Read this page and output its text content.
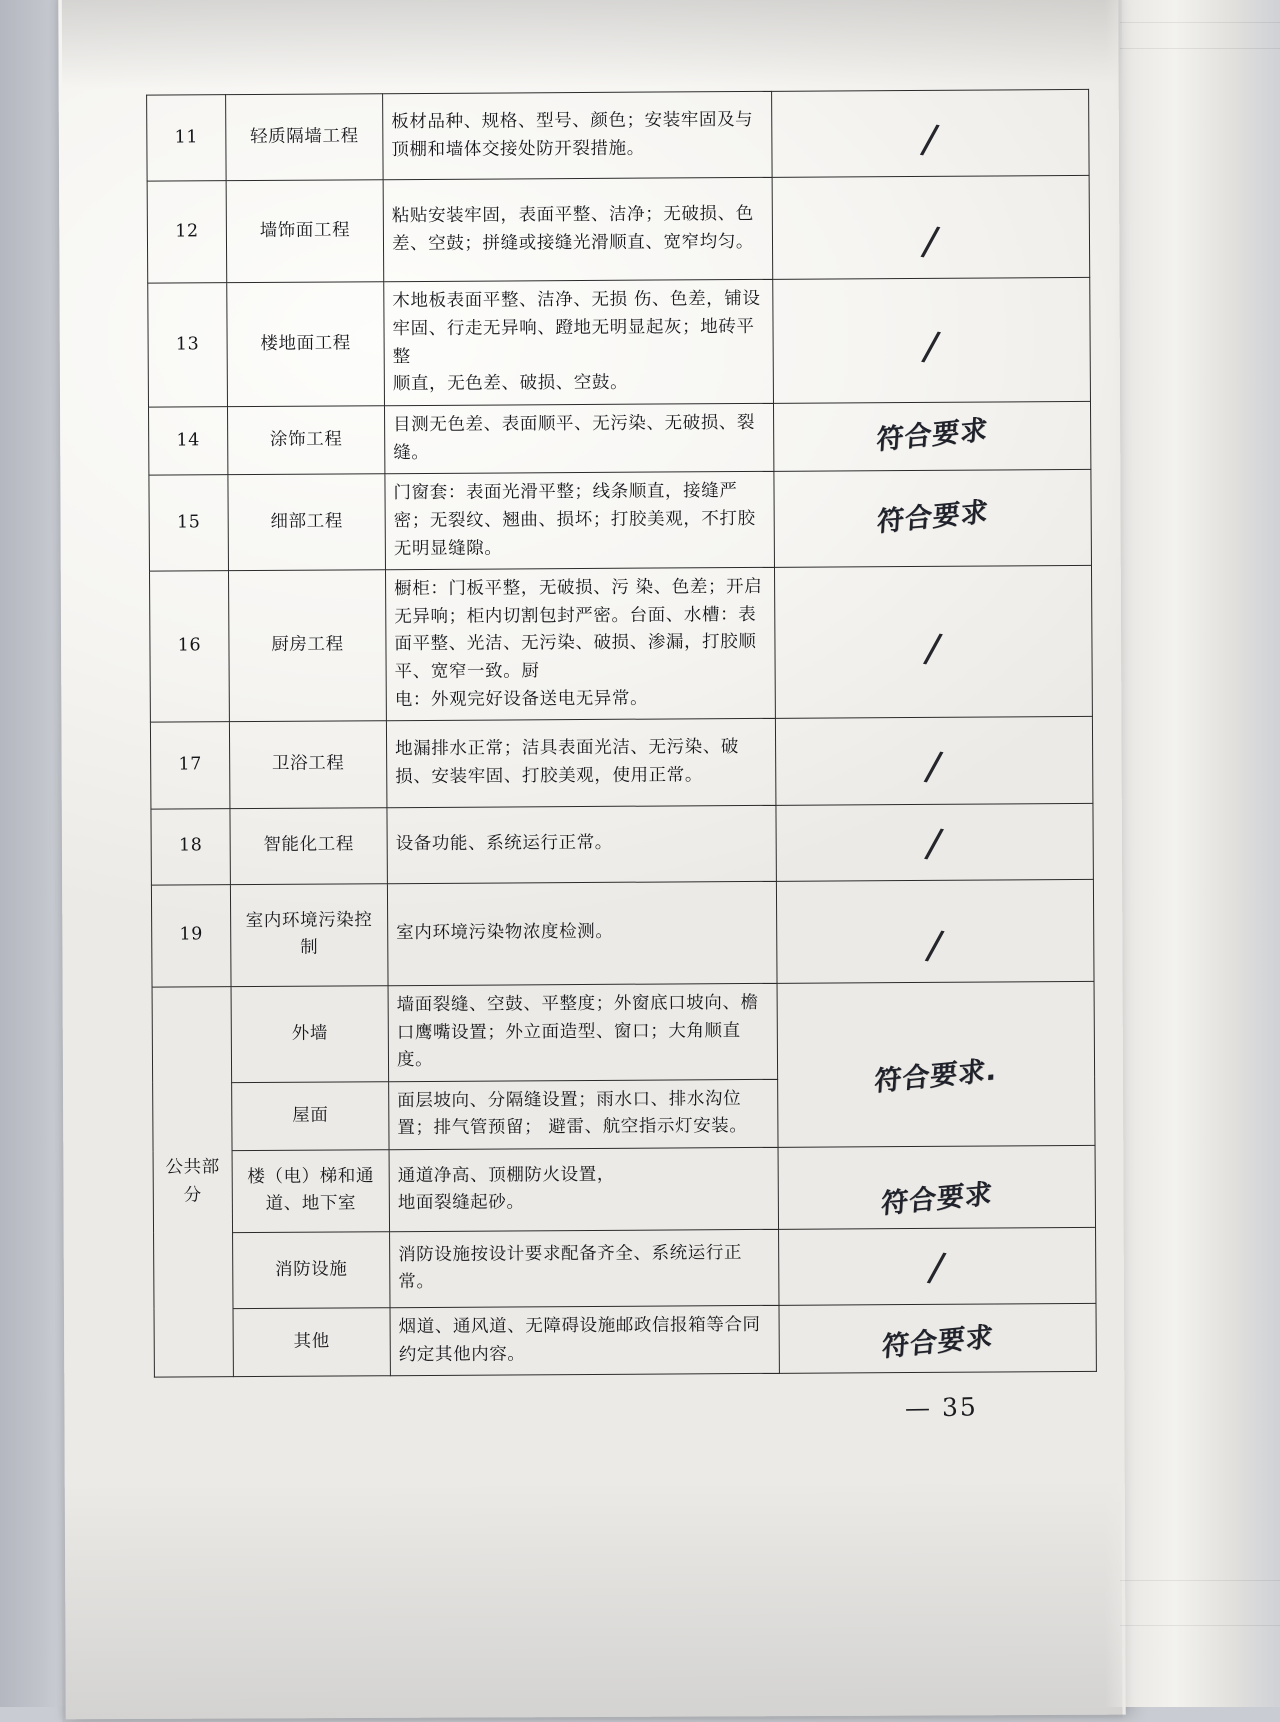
11	轻质隔墙工程	板材品种、规格、型号、颜色；安装牢固及与顶棚和墙体交接处防开裂措施。	/

12	墙饰面工程	粘贴安装牢固，表面平整、洁净；无破损、色差、空鼓；拼缝或接缝光滑顺直、宽窄均匀。	/

13	楼地面工程	木地板表面平整、洁净、无损 伤、色差，铺设牢固、行走无异响、蹬地无明显起灰；地砖平整
顺直，无色差、破损、空鼓。	/

14	涂饰工程	目测无色差、表面顺平、无污染、无破损、裂缝。	符合要求

15	细部工程	门窗套：表面光滑平整；线条顺直，接缝严密；无裂纹、翘曲、损坏；打胶美观，不打胶无明显缝隙。	符合要求

16	厨房工程	橱柜：门板平整，无破损、污 染、色差；开启无异响；柜内切割包封严密。台面、水槽：表面平整、光洁、无污染、破损、渗漏，打胶顺平、宽窄一致。厨
电：外观完好设备送电无异常。	/

17	卫浴工程	地漏排水正常；洁具表面光洁、无污染、破损、安装牢固、打胶美观，使用正常。	/

18	智能化工程	设备功能、系统运行正常。	/

19	室内环境污染控制	室内环境污染物浓度检测。	/

公共部分	外墙	墙面裂缝、空鼓、平整度；外窗底口坡向、檐口鹰嘴设置；外立面造型、窗口；大角顺直度。	符合要求.

	屋面	面层坡向、分隔缝设置；雨水口、排水沟位置；排气管预留； 避雷、航空指示灯安装。	
	楼（电）梯和通道、地下室	通道净高、顶棚防火设置，
地面裂缝起砂。	符合要求

	消防设施	消防设施按设计要求配备齐全、系统运行正常。	/

	其他	烟道、通风道、无障碍设施邮政信报箱等合同约定其他内容。	符合要求
— 35
